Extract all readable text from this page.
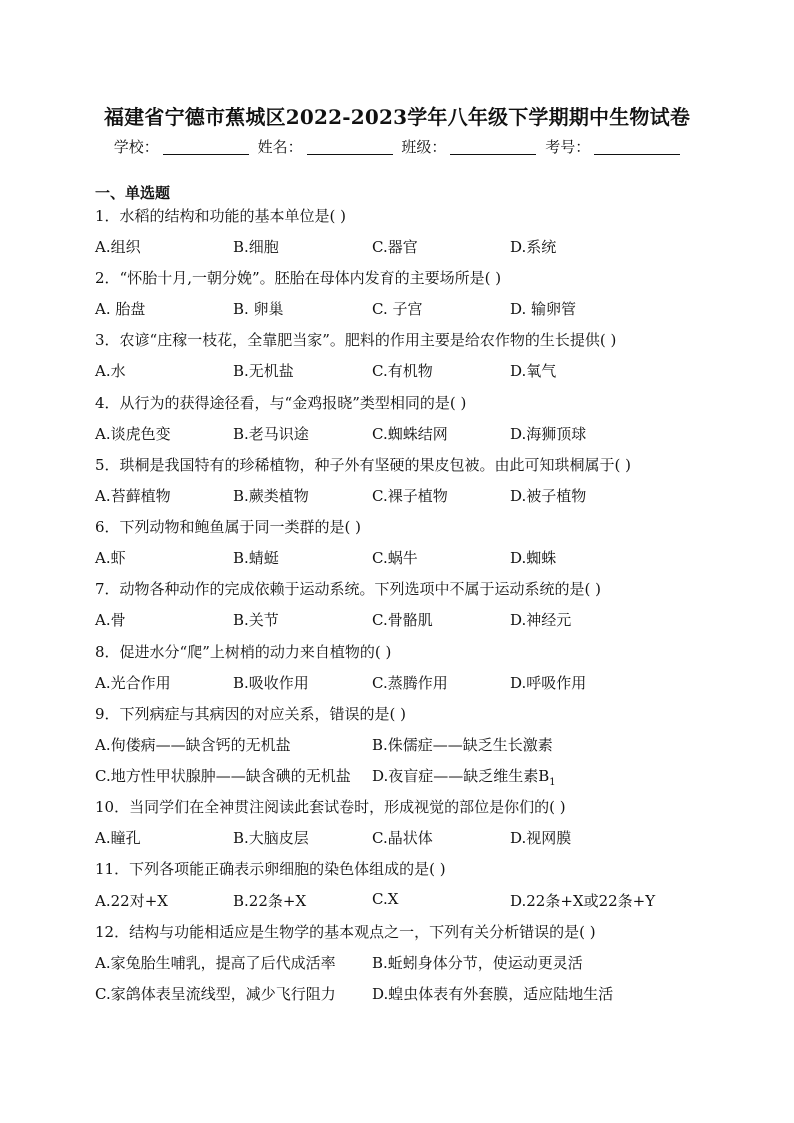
福建省宁德市蕉城区2022-2023学年八年级下学期期中生物试卷
学校：	姓名：	班级：	考号：
一、单选题
1．水稻的结构和功能的基本单位是( )
A.组织	B.细胞	C.器官	D.系统
2．“怀胎十月,一朝分娩”。胚胎在母体内发育的主要场所是( )
A. 胎盘	B. 卵巢	C. 子宫	D. 输卵管
3．农谚“庄稼一枝花，全靠肥当家”。肥料的作用主要是给农作物的生长提供( )
A.水	B.无机盐	C.有机物	D.氧气
4．从行为的获得途径看，与“金鸡报晓”类型相同的是( )
A.谈虎色变	B.老马识途	C.蜘蛛结网	D.海狮顶球
5．珙桐是我国特有的珍稀植物，种子外有坚硬的果皮包被。由此可知珙桐属于( )
A.苔藓植物	B.蕨类植物	C.裸子植物	D.被子植物
6．下列动物和鲍鱼属于同一类群的是( )
A.虾	B.蜻蜓	C.蜗牛	D.蜘蛛
7．动物各种动作的完成依赖于运动系统。下列选项中不属于运动系统的是( )
A.骨	B.关节	C.骨骼肌	D.神经元
8．促进水分“爬”上树梢的动力来自植物的( )
A.光合作用	B.吸收作用	C.蒸腾作用	D.呼吸作用
9．下列病症与其病因的对应关系，错误的是( )
A.佝偻病——缺含钙的无机盐	B.侏儒症——缺乏生长激素
C.地方性甲状腺肿——缺含碘的无机盐 D.夜盲症——缺乏维生素$B_1$
10．当同学们在全神贯注阅读此套试卷时，形成视觉的部位是你们的( )
A.瞳孔	B.大脑皮层	C.晶状体	D.视网膜
11．下列各项能正确表示卵细胞的染色体组成的是( )
A.22对+X	B.22条+X	C.X	D.22条+X或22条+Y
12．结构与功能相适应是生物学的基本观点之一，下列有关分析错误的是( )
A.家兔胎生哺乳，提高了后代成活率 B.蚯蚓身体分节，使运动更灵活
C.家鸽体表呈流线型，减少飞行阻力 D.蝗虫体表有外套膜，适应陆地生活
